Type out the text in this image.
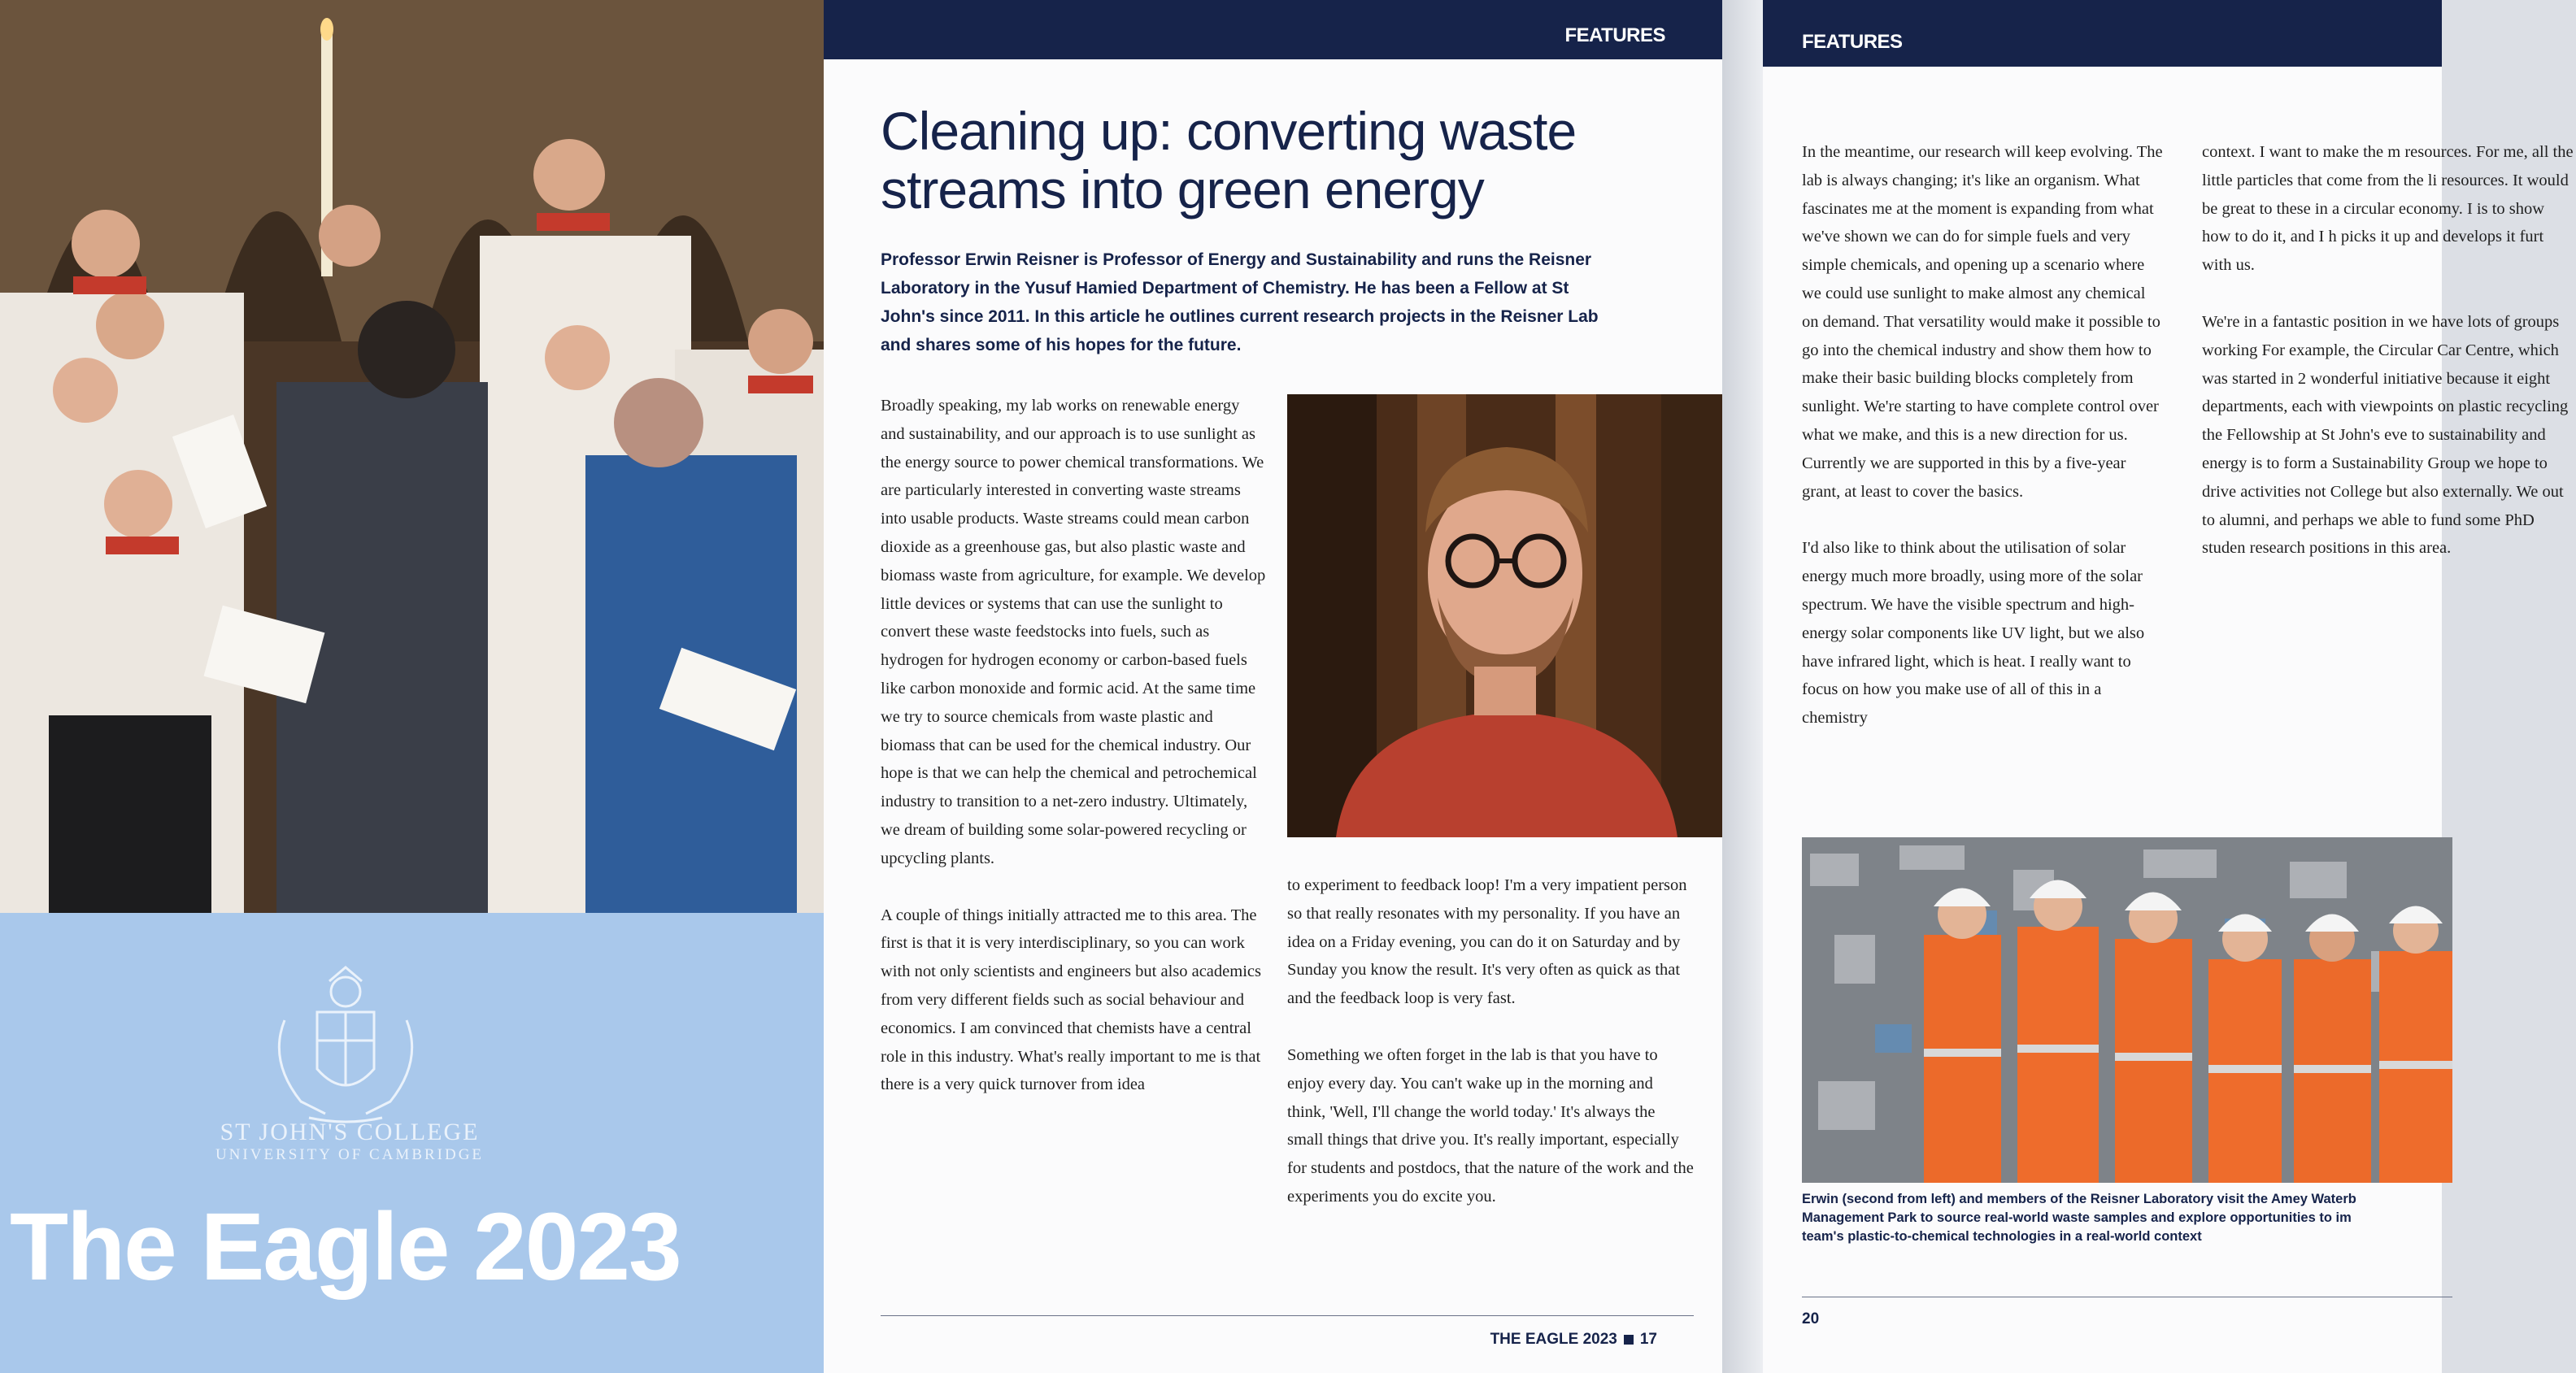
ST JOHN'S COLLEGE
UNIVERSITY OF CAMBRIDGE
The Eagle 2023
FEATURES
Cleaning up: converting waste
streams into green energy
Professor Erwin Reisner is Professor of Energy and Sustainability and runs the Reisner Laboratory in the Yusuf Hamied Department of Chemistry. He has been a Fellow at St John's since 2011. In this article he outlines current research projects in the Reisner Lab and shares some of his hopes for the future.

Broadly speaking, my lab works on renewable energy and sustainability, and our approach is to use sunlight as the energy source to power chemical transformations. We are particularly interested in converting waste streams into usable products. Waste streams could mean carbon dioxide as a greenhouse gas, but also plastic waste and biomass waste from agriculture, for example. We develop little devices or systems that can use the sunlight to convert these waste feedstocks into fuels, such as hydrogen for hydrogen economy or carbon-based fuels like carbon monoxide and formic acid. At the same time we try to source chemicals from waste plastic and biomass that can be used for the chemical industry. Our hope is that we can help the chemical and petrochemical industry to transition to a net-zero industry. Ultimately, we dream of building some solar-powered recycling or upcycling plants.

A couple of things initially attracted me to this area. The first is that it is very interdisciplinary, so you can work with not only scientists and engineers but also academics from very different fields such as social behaviour and economics. I am convinced that chemists have a central role in this industry. What's really important to me is that there is a very quick turnover from idea

to experiment to feedback loop! I'm a very impatient person so that really resonates with my personality. If you have an idea on a Friday evening, you can do it on Saturday and by Sunday you know the result. It's very often as quick as that and the feedback loop is very fast.

Something we often forget in the lab is that you have to enjoy every day. You can't wake up in the morning and think, 'Well, I'll change the world today.' It's always the small things that drive you. It's really important, especially for students and postdocs, that the nature of the work and the experiments you do excite you.

THE EAGLE 2023 17
FEATURES

In the meantime, our research will keep evolving. The lab is always changing; it's like an organism. What fascinates me at the moment is expanding from what we've shown we can do for simple fuels and very simple chemicals, and opening up a scenario where we could use sunlight to make almost any chemical on demand. That versatility would make it possible to go into the chemical industry and show them how to make their basic building blocks completely from sunlight. We're starting to have complete control over what we make, and this is a new direction for us. Currently we are supported in this by a five-year grant, at least to cover the basics.

I'd also like to think about the utilisation of solar energy much more broadly, using more of the solar spectrum. We have the visible spectrum and high-energy solar components like UV light, but we also have infrared light, which is heat. I really want to focus on how you make use of all of this in a chemistry

context. I want to make the m resources. For me, all the little particles that come from the li resources. It would be great to these in a circular economy. I is to show how to do it, and I h picks it up and develops it furt with us.

We're in a fantastic position in we have lots of groups working For example, the Circular Car Centre, which was started in 2 wonderful initiative because it eight departments, each with viewpoints on plastic recycling the Fellowship at St John's eve to sustainability and energy is to form a Sustainability Group we hope to drive activities not College but also externally. We out to alumni, and perhaps we able to fund some PhD studen research positions in this area.

Erwin (second from left) and members of the Reisner Laboratory visit the Amey Waterb
Management Park to source real-world waste samples and explore opportunities to im
team's plastic-to-chemical technologies in a real-world context
20
